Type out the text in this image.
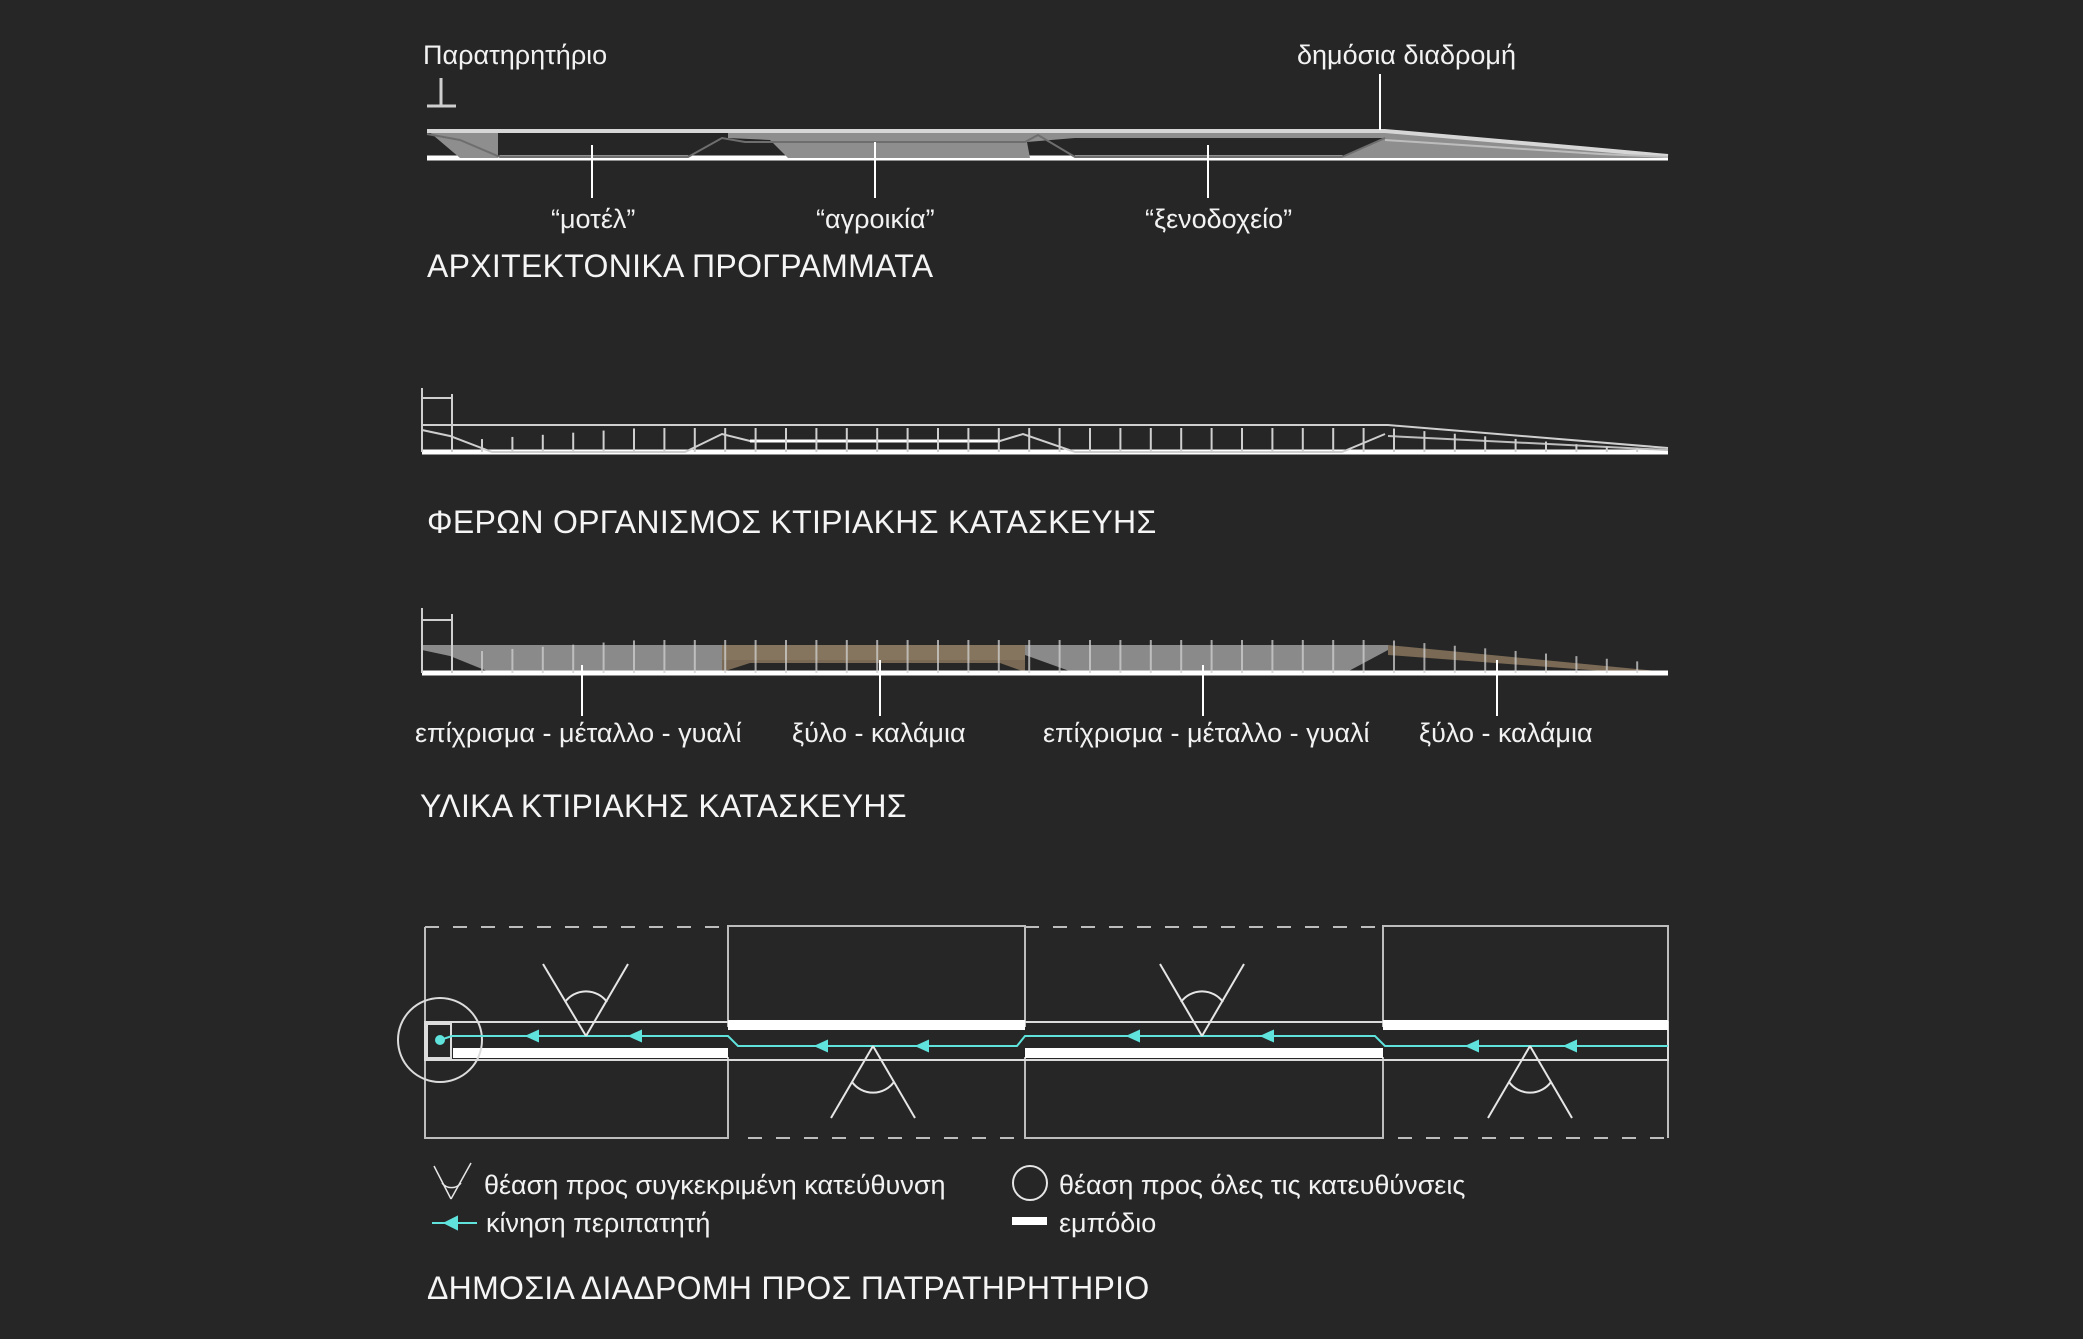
Παρατηρητήριο	δημόσια διαδρομή
“μοτέλ”	“αγροικία”	“ξενοδοχείο”
ΑΡΧΙΤΕΚΤΟΝΙΚΑ ΠΡΟΓΡΑΜΜΑΤΑ
ΦΕΡΩΝ ΟΡΓΑΝΙΣΜΟΣ ΚΤΙΡΙΑΚΗΣ ΚΑΤΑΣΚΕΥΗΣ
επίχρισμα - μέταλλο - γυαλί ξύλο - καλάμια	επίχρισμα - μέταλλο - γυαλί ξύλο - καλάμια
ΥΛΙΚΑ ΚΤΙΡΙΑΚΗΣ ΚΑΤΑΣΚΕΥΗΣ
θέαση προς συγκεκριμένη κατεύθυνση
κίνηση περιπατητή
θέαση προς όλες τις κατευθύνσεις
εμπόδιο
ΔΗΜΟΣΙΑ ΔΙΑΔΡΟΜΗ ΠΡΟΣ ΠΑΤΡΑΤΗΡΗΤΗΡΙΟ
